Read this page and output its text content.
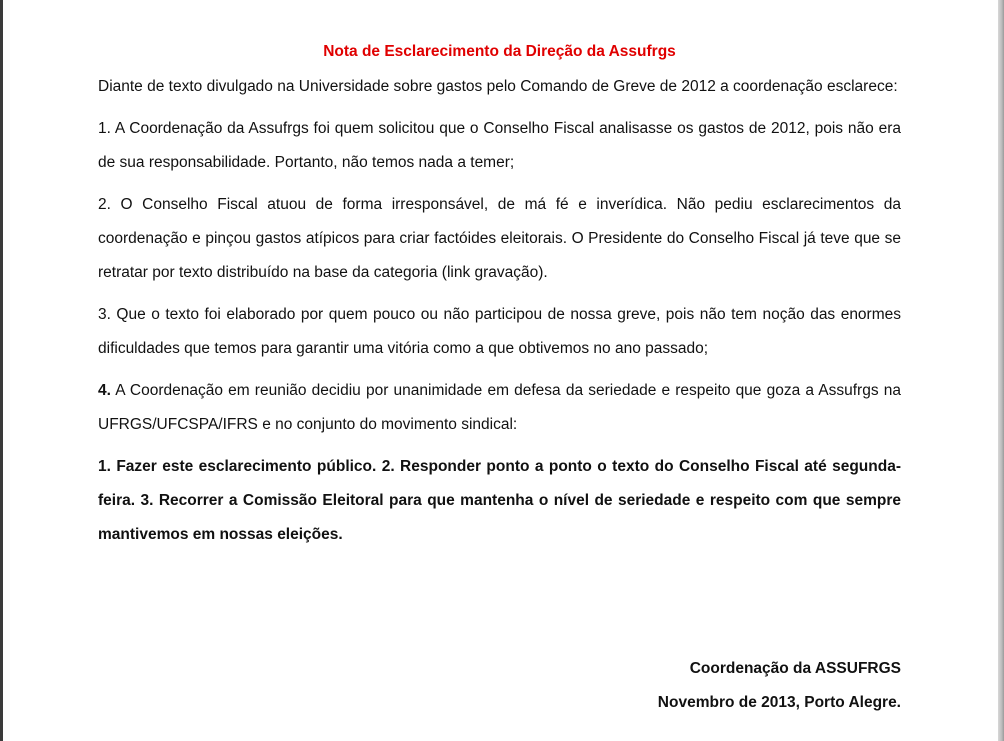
Nota de Esclarecimento da Direção da Assufrgs

Diante de texto divulgado na Universidade sobre gastos pelo Comando de Greve de 2012 a coordenação esclarece:

1. A Coordenação da Assufrgs foi quem solicitou que o Conselho Fiscal analisasse os gastos de 2012, pois não era de sua responsabilidade. Portanto, não temos nada a temer;

2. O Conselho Fiscal atuou de forma irresponsável, de má fé e inverídica. Não pediu esclarecimentos da coordenação e pinçou gastos atípicos para criar factóides eleitorais. O Presidente do Conselho Fiscal já teve que se retratar por texto distribuído na base da categoria (link gravação).

3. Que o texto foi elaborado por quem pouco ou não participou de nossa greve, pois não tem noção das enormes dificuldades que temos para garantir uma vitória como a que obtivemos no ano passado;

4. A Coordenação em reunião decidiu por unanimidade em defesa da seriedade e respeito que goza a Assufrgs na UFRGS/UFCSPA/IFRS e no conjunto do movimento sindical:

1. Fazer este esclarecimento público. 2. Responder ponto a ponto o texto do Conselho Fiscal até segunda-feira. 3. Recorrer a Comissão Eleitoral para que mantenha o nível de seriedade e respeito com que sempre mantivemos em nossas eleições.

Coordenação da ASSUFRGS
Novembro de 2013, Porto Alegre.
